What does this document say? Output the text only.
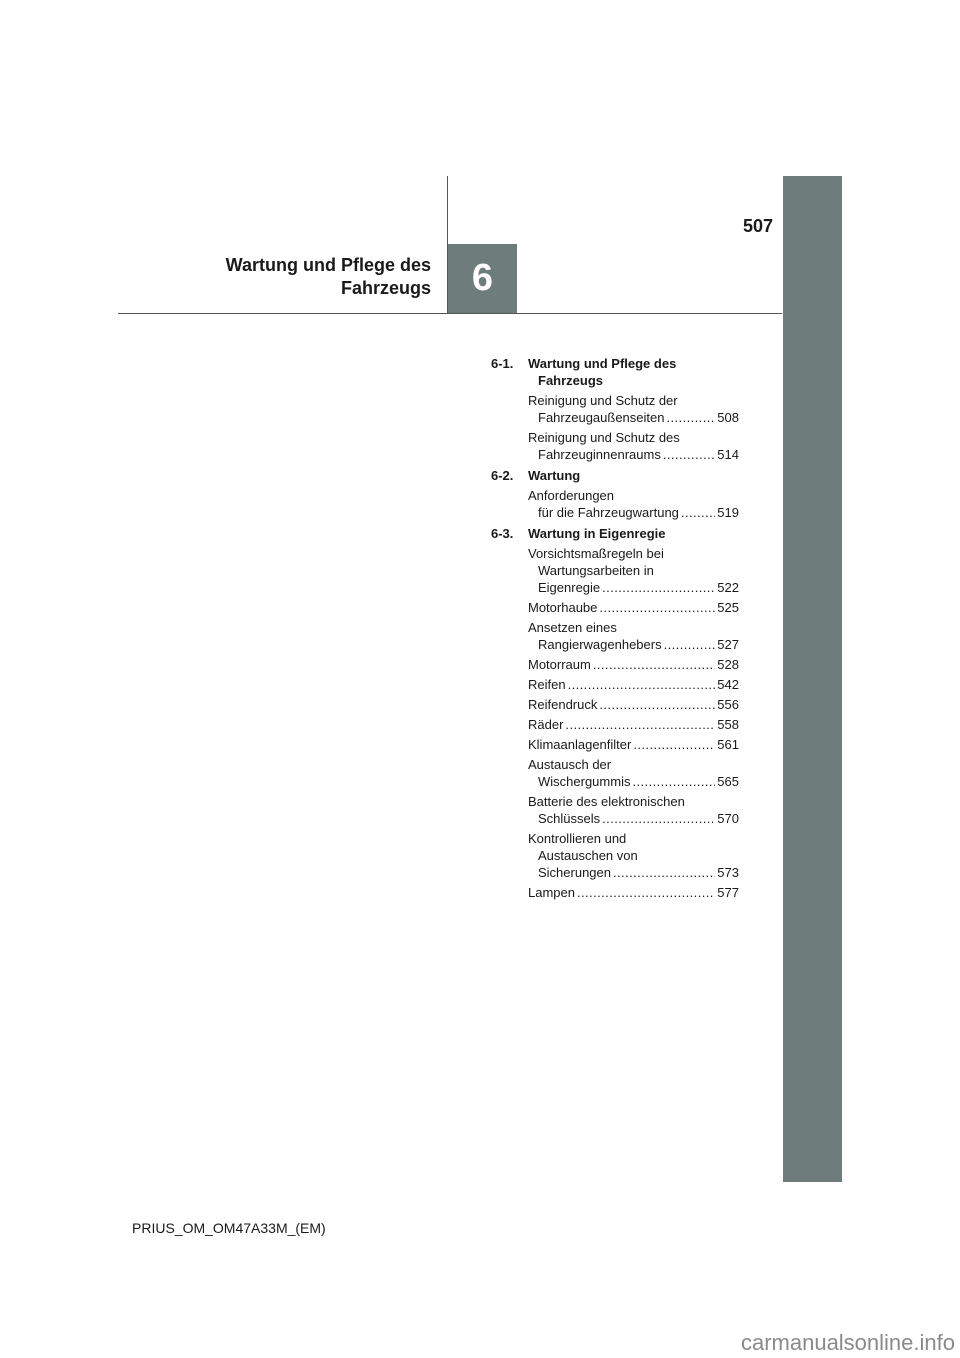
507
Wartung und Pflege des
Fahrzeugs 6
6-1.	Wartung und Pflege des
Fahrzeugs
Reinigung und Schutz der
Fahrzeugaußenseiten . . .	508
Reinigung und Schutz des
Fahrzeuginnenraums . . .	514
6-2.	Wartung
Anforderungen
für die Fahrzeugwartung . . .	519
6-3.	Wartung in Eigenregie
Vorsichtsmaßregeln bei
Wartungsarbeiten in
Eigenregie . . .	522
Motorhaube . . .	525
Ansetzen eines
Rangierwagenhebers . . .	527
Motorraum . . .	528
Reifen . . .	542
Reifendruck . . .	556
Räder . . .	558
Klimaanlagenfilter . . .	561
Austausch der
Wischergummis . . .	565
Batterie des elektronischen
Schlüssels . . .	570
Kontrollieren und
Austauschen von
Sicherungen . . .	573
Lampen . . .	577
PRIUS_OM_OM47A33M_(EM)
carmanualsonline.info
